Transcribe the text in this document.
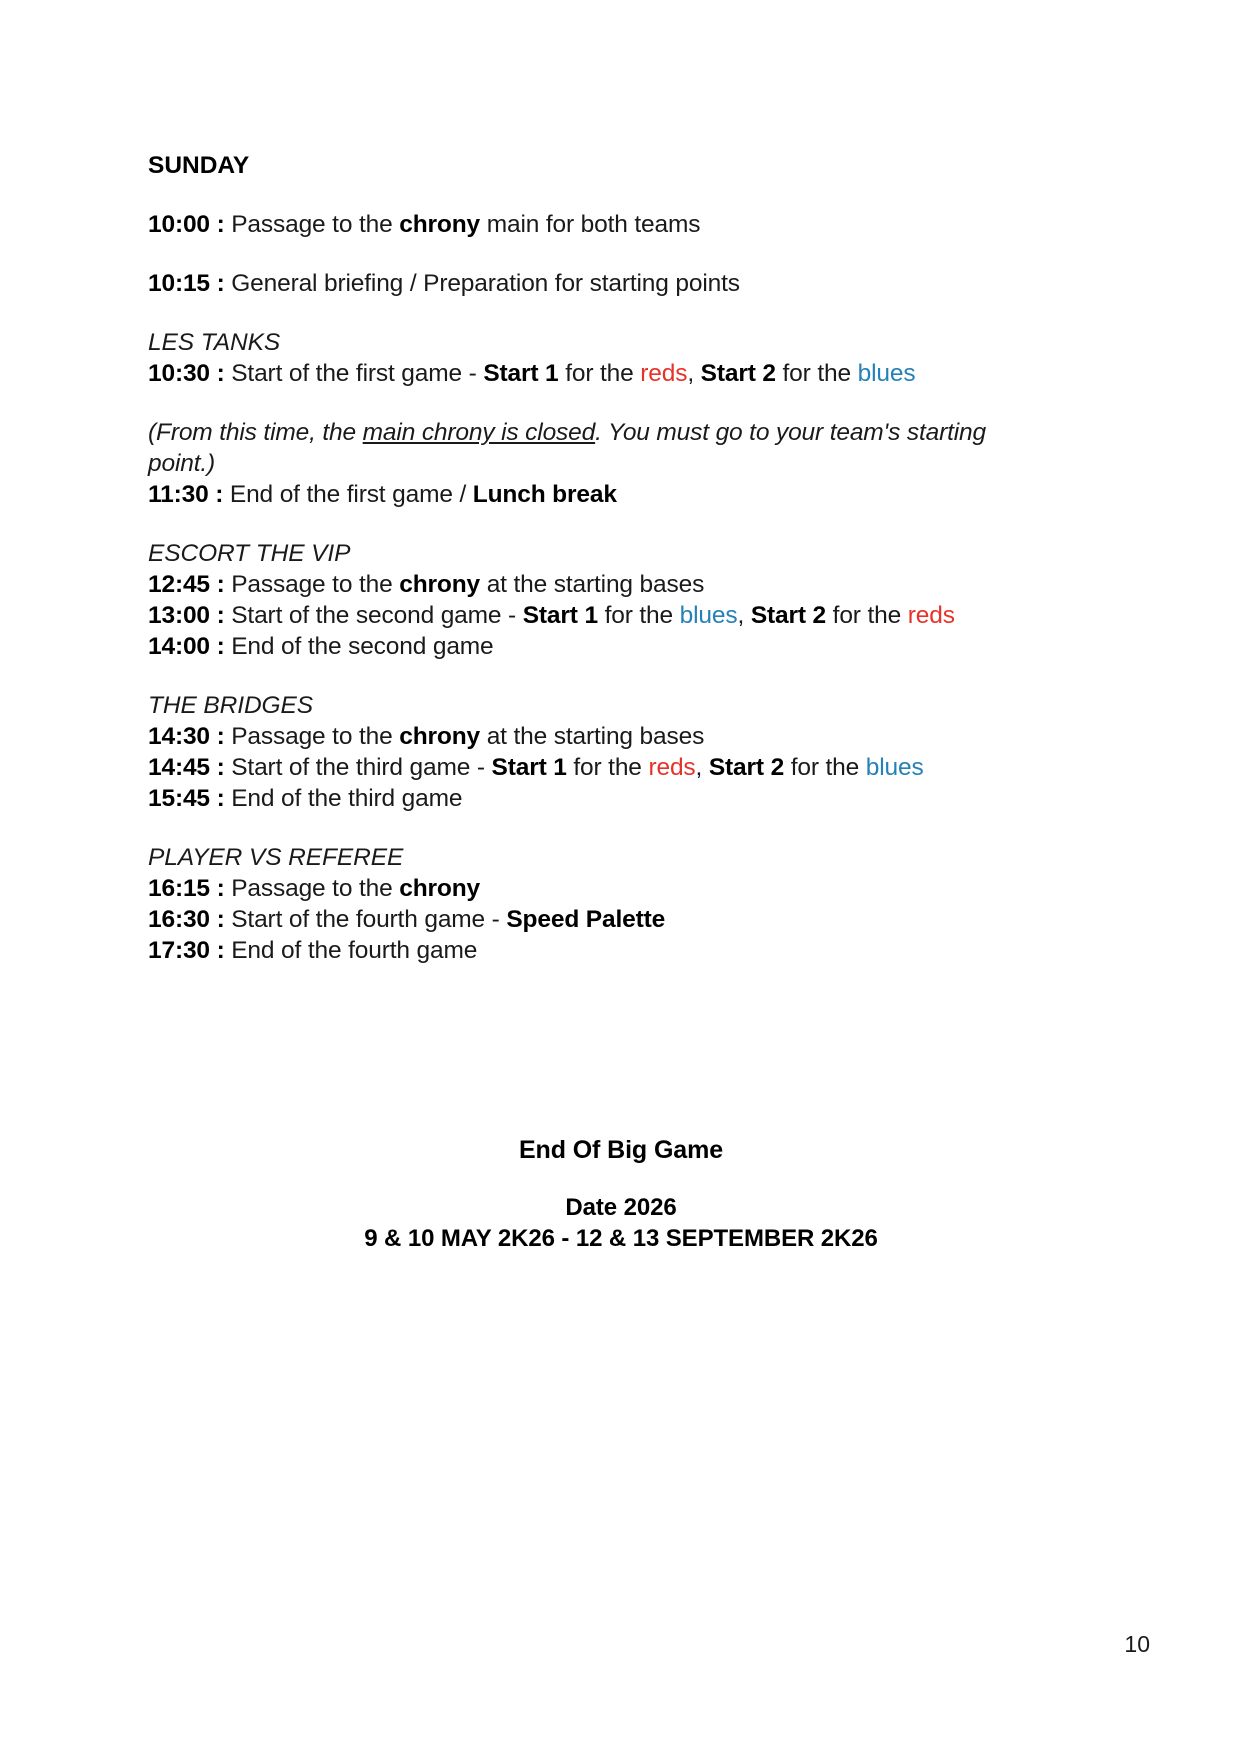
SUNDAY
10:00 : Passage to the chrony main for both teams
10:15 : General briefing / Preparation for starting points
LES TANKS
10:30 : Start of the first game - Start 1 for the reds, Start 2 for the blues
(From this time, the main chrony is closed. You must go to your team's starting point.)
11:30 : End of the first game / Lunch break
ESCORT THE VIP
12:45 : Passage to the chrony at the starting bases
13:00 : Start of the second game - Start 1 for the blues, Start 2 for the reds
14:00 : End of the second game
THE BRIDGES
14:30 : Passage to the chrony at the starting bases
14:45 : Start of the third game - Start 1 for the reds, Start 2 for the blues
15:45 : End of the third game
PLAYER VS REFEREE
16:15 : Passage to the chrony
16:30 : Start of the fourth game - Speed Palette
17:30 : End of the fourth game
End Of Big Game
Date 2026
9 & 10 MAY 2K26 - 12 & 13 SEPTEMBER 2K26
10
